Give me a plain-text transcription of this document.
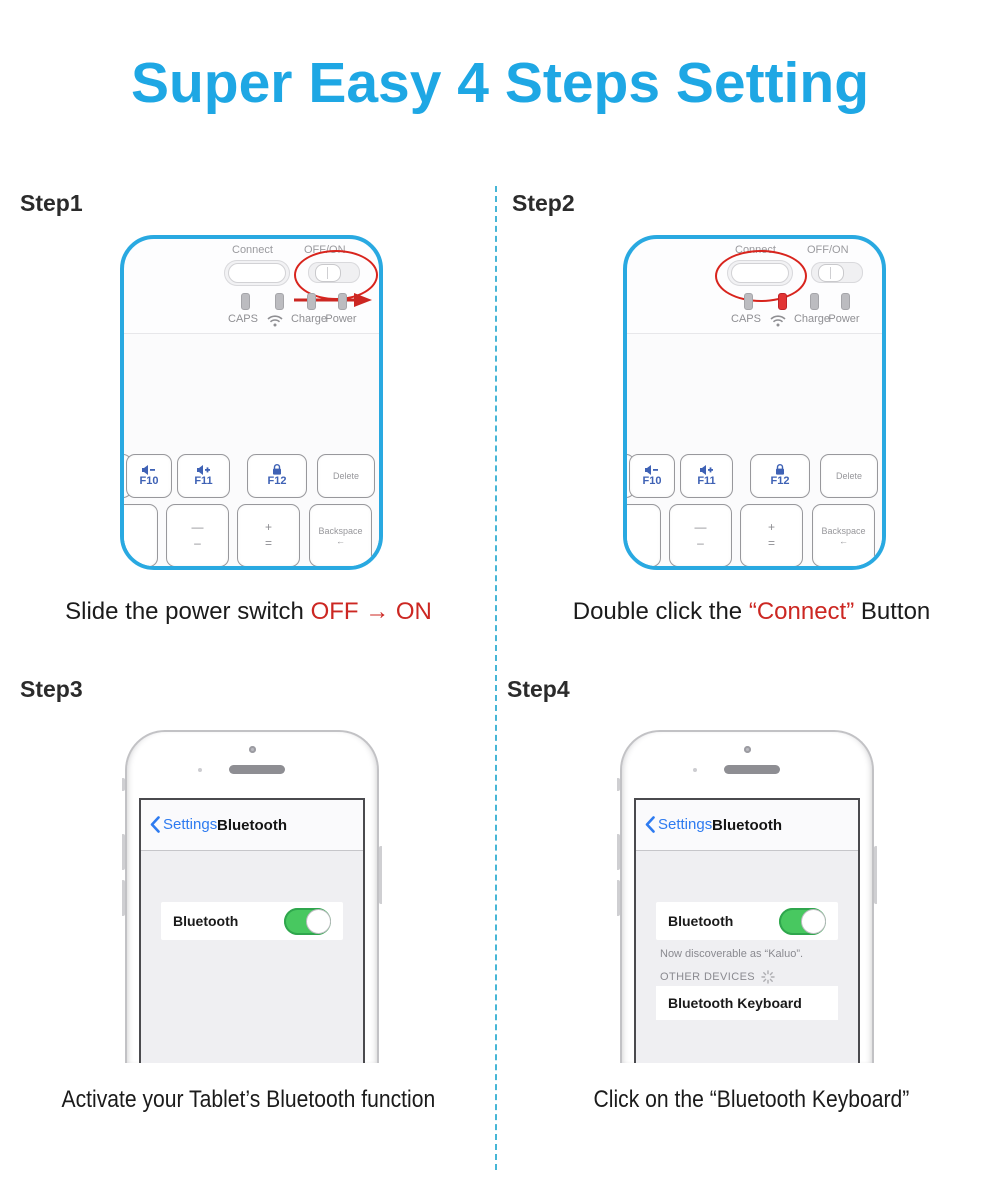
Super Easy 4 Steps Setting
Step1	Step2
Step3	Step4
Connect	OFF/ON
CAPS	Charge
Power
F10	F11	F12	Delete
—
–
+
=
Backspace
←
Connect	OFF/ON
CAPS	Charge
Power
F10	F11	F12	Delete
—
–
+
=
Backspace
←
Slide the power switch OFF → ON	Double click the “Connect” Button
Settings Bluetooth
Bluetooth
Settings Bluetooth
Bluetooth
Now discoverable as “Kaluo”.
OTHER DEVICES
Bluetooth Keyboard
Activate your Tablet’s Bluetooth function	Click on the “Bluetooth Keyboard”
